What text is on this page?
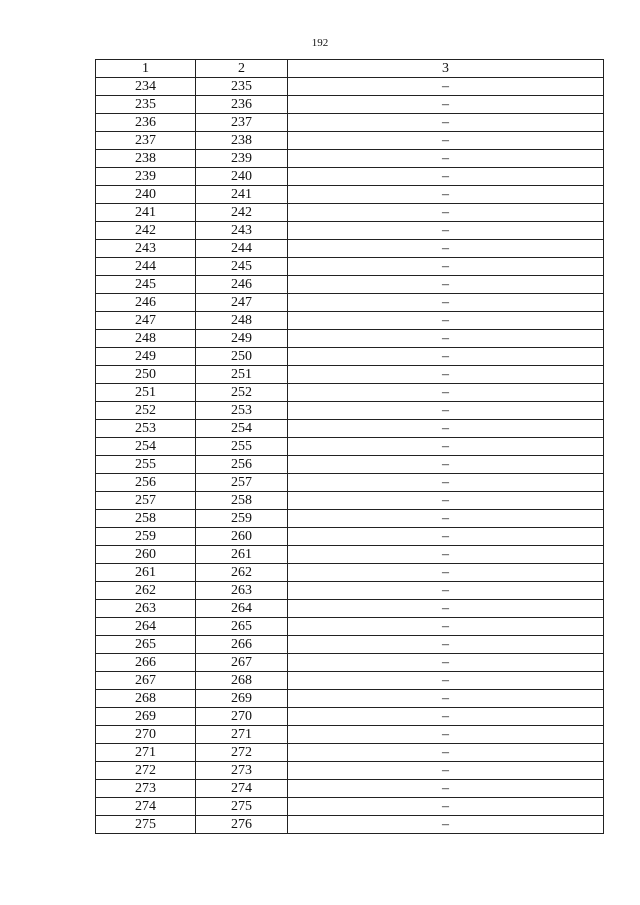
192
1	2	3
234	235	–
235	236	–
236	237	–
237	238	–
238	239	–
239	240	–
240	241	–
241	242	–
242	243	–
243	244	–
244	245	–
245	246	–
246	247	–
247	248	–
248	249	–
249	250	–
250	251	–
251	252	–
252	253	–
253	254	–
254	255	–
255	256	–
256	257	–
257	258	–
258	259	–
259	260	–
260	261	–
261	262	–
262	263	–
263	264	–
264	265	–
265	266	–
266	267	–
267	268	–
268	269	–
269	270	–
270	271	–
271	272	–
272	273	–
273	274	–
274	275	–
275	276	–
